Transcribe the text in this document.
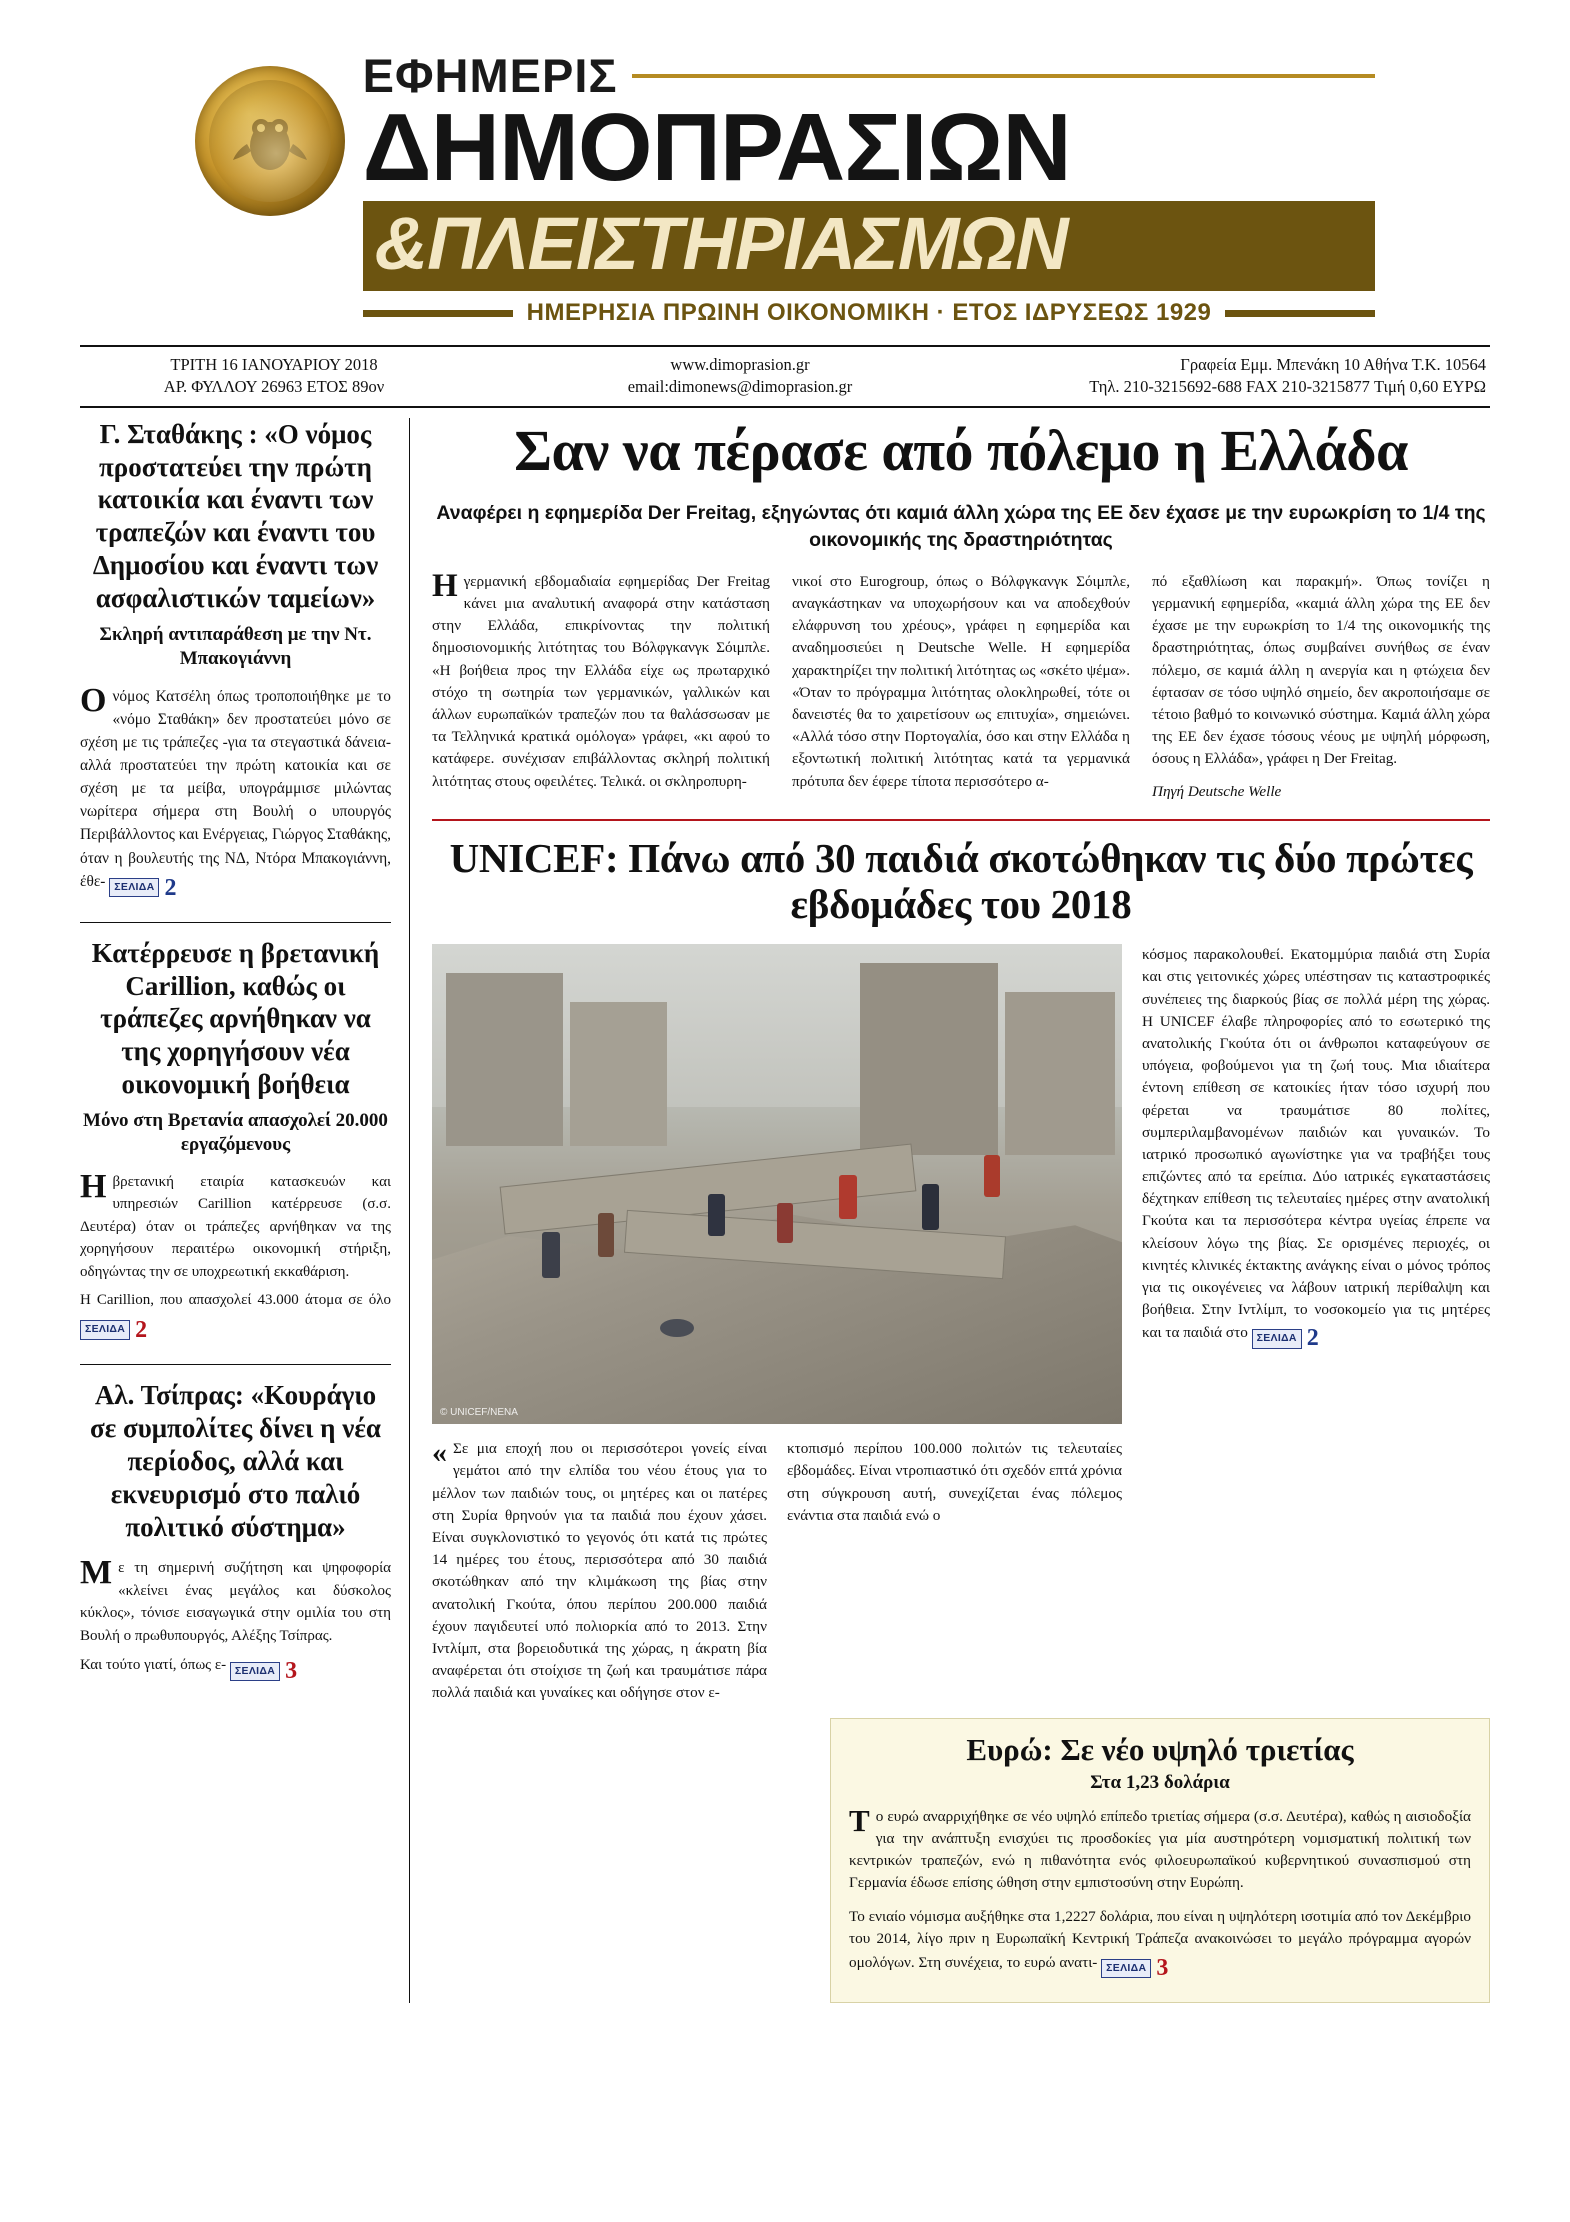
ΕΦΗΜΕΡΙΣ
ΔΗΜΟΠΡΑΣΙΩΝ
&ΠΛΕΙΣΤΗΡΙΑΣΜΩΝ
ΗΜΕΡΗΣΙΑ ΠΡΩΙΝΗ ΟΙΚΟΝΟΜΙΚΗ · ΕΤΟΣ ΙΔΡΥΣΕΩΣ 1929
ΤΡΙΤΗ 16 ΙΑΝΟΥΑΡΙΟΥ 2018
ΑΡ. ΦΥΛΛΟΥ 26963 ΕΤΟΣ 89ον
www.dimoprasion.gr
email:dimonews@dimoprasion.gr
Γραφεία Εμμ. Μπενάκη 10 Αθήνα Τ.Κ. 10564
Τηλ. 210-3215692-688 FAX 210-3215877 Τιμή 0,60 ΕΥΡΩ
Γ. Σταθάκης : «Ο νόμος προστατεύει την πρώτη κατοικία και έναντι των τραπεζών και έναντι του Δημοσίου και έναντι των ασφαλιστικών ταμείων»
Σκληρή αντιπαράθεση με την Ντ. Μπακογιάννη
Ο νόμος Κατσέλη όπως τροποποιήθηκε με το «νόμο Σταθάκη» δεν προστατεύει μόνο σε σχέση με τις τράπεζες -για τα στεγαστικά δάνεια- αλλά προστατεύει την πρώτη κατοικία και σε σχέση με τα μείβα, υπογράμμισε μιλώντας νωρίτερα σήμερα στη Βουλή ο υπουργός Περιβάλλοντος και Ενέργειας, Γιώργος Σταθάκης, όταν η βουλευτής της ΝΔ, Ντόρα Μπακογιάννη, έθε- ΣΕΛΙΔΑ 2
Κατέρρευσε η βρετανική Carillion, καθώς οι τράπεζες αρνήθηκαν να της χορηγήσουν νέα οικονομική βοήθεια
Μόνο στη Βρετανία απασχολεί 20.000 εργαζόμενους
Η βρετανική εταιρία κατασκευών και υπηρεσιών Carillion κατέρρευσε (σ.σ. Δευτέρα) όταν οι τράπεζες αρνήθηκαν να της χορηγήσουν περαιτέρω οικονομική στήριξη, οδηγώντας την σε υποχρεωτική εκκαθάριση.
Η Carillion, που απασχολεί 43.000 άτομα σε όλο
ΣΕΛΙΔΑ 2
Αλ. Τσίπρας: «Κουράγιο σε συμπολίτες δίνει η νέα περίοδος, αλλά και εκνευρισμό στο παλιό πολιτικό σύστημα»
Με τη σημερινή συζήτηση και ψηφοφορία «κλείνει ένας μεγάλος και δύσκολος κύκλος», τόνισε εισαγωγικά στην ομιλία του στη Βουλή ο πρωθυπουργός, Αλέξης Τσίπρας.
Και τούτο γιατί, όπως ε- ΣΕΛΙΔΑ 3
Σαν να πέρασε από πόλεμο η Ελλάδα
Αναφέρει η εφημερίδα Der Freitag, εξηγώντας ότι καμιά άλλη χώρα της ΕΕ δεν έχασε με την ευρωκρίση το 1/4 της οικονομικής της δραστηριότητας
Η γερμανική εβδομαδιαία εφημερίδας Der Freitag κάνει μια αναλυτική αναφορά στην κατάσταση στην Ελλάδα, επικρίνοντας την πολιτική δημοσιονομικής λιτότητας του Βόλφγκανγκ Σόιμπλε. «Η βοήθεια προς την Ελλάδα είχε ως πρωταρχικό στόχο τη σωτηρία των γερμανικών, γαλλικών και άλλων ευρωπαϊκών τραπεζών που τα θαλάσσωσαν με τα Τελληνικά κρατικά ομόλογα» γράφει, «κι αφού το κατάφερε. συνέχισαν επιβάλλοντας σκληρή πολιτική λιτότητας στους οφειλέτες. Τελικά. οι σκληροπυρη-
νικοί στο Eurogroup, όπως ο Βόλφγκανγκ Σόιμπλε, αναγκάστηκαν να υποχωρήσουν και να αποδεχθούν ελάφρυνση του χρέους», γράφει η εφημερίδα και αναδημοσιεύει η Deutsche Welle. Η εφημερίδα χαρακτηρίζει την πολιτική λιτότητας ως «σκέτο ψέμα». «Όταν το πρόγραμμα λιτότητας ολοκληρωθεί, τότε οι δανειστές θα το χαιρετίσουν ως επιτυχία», σημειώνει. «Αλλά τόσο στην Πορτογαλία, όσο και στην Ελλάδα η εξοντωτική πολιτική λιτότητας κατά τα γερμανικά πρότυπα δεν έφερε τίποτα περισσότερο α-
πό εξαθλίωση και παρακμή». Όπως τονίζει η γερμανική εφημερίδα, «καμιά άλλη χώρα της ΕΕ δεν έχασε με την ευρωκρίση το 1/4 της οικονομικής της δραστηριότητας, όπως συμβαίνει συνήθως σε έναν πόλεμο, σε καμιά άλλη η ανεργία και η φτώχεια δεν έφτασαν σε τόσο υψηλό σημείο, δεν ακροποιήσαμε σε τέτοιο βαθμό το κοινωνικό σύστημα. Καμιά άλλη χώρα της ΕΕ δεν έχασε τόσους νέους με υψηλή μόρφωση, όσους η Ελλάδα», γράφει η Der Freitag.
Πηγή Deutsche Welle
UNICEF: Πάνω από 30 παιδιά σκοτώθηκαν τις δύο πρώτες εβδομάδες του 2018
© UNICEF/ΝΕΝΑ
κόσμος παρακολουθεί. Εκατομμύρια παιδιά στη Συρία και στις γειτονικές χώρες υπέστησαν τις καταστροφικές συνέπειες της διαρκούς βίας σε πολλά μέρη της χώρας. Η UNICEF έλαβε πληροφορίες από το εσωτερικό της ανατολικής Γκούτα ότι οι άνθρωποι καταφεύγουν σε υπόγεια, φοβούμενοι για τη ζωή τους. Μια ιδιαίτερα έντονη επίθεση σε κατοικίες ήταν τόσο ισχυρή που φέρεται να τραυμάτισε 80 πολίτες, συμπεριλαμβανομένων παιδιών και γυναικών. Το ιατρικό προσωπικό αγωνίστηκε για να τραβήξει τους επιζώντες από τα ερείπια. Δύο ιατρικές εγκαταστάσεις δέχτηκαν επίθεση τις τελευταίες ημέρες στην ανατολική Γκούτα και τα περισσότερα κέντρα υγείας έπρεπε να κλείσουν λόγω της βίας. Σε ορισμένες περιοχές, οι κινητές κλινικές έκτακτης ανάγκης είναι ο μόνος τρόπος για τις οικογένειες να λάβουν ιατρική περίθαλψη και βοήθεια. Στην Ιντλίμπ, το νοσοκομείο για τις μητέρες και τα παιδιά στο ΣΕΛΙΔΑ 2
« Σε μια εποχή που οι περισσότεροι γονείς είναι γεμάτοι από την ελπίδα του νέου έτους για το μέλλον των παιδιών τους, οι μητέρες και οι πατέρες στη Συρία θρηνούν για τα παιδιά που έχουν χάσει. Είναι συγκλονιστικό το γεγονός ότι κατά τις πρώτες 14 ημέρες του έτους, περισσότερα από 30 παιδιά σκοτώθηκαν από την κλιμάκωση της βίας στην ανατολική Γκούτα, όπου περίπου 200.000 παιδιά έχουν παγιδευτεί υπό πολιορκία από το 2013. Στην Ιντλίμπ, στα βορειοδυτικά της χώρας, η άκρατη βία αναφέρεται ότι στοίχισε τη ζωή και τραυμάτισε πάρα πολλά παιδιά και γυναίκες και οδήγησε στον ε-
κτοπισμό περίπου 100.000 πολιτών τις τελευταίες εβδομάδες. Είναι ντροπιαστικό ότι σχεδόν επτά χρόνια στη σύγκρουση αυτή, συνεχίζεται ένας πόλεμος ενάντια στα παιδιά ενώ ο
Ευρώ: Σε νέο υψηλό τριετίας
Στα 1,23 δολάρια
Το ευρώ αναρριχήθηκε σε νέο υψηλό επίπεδο τριετίας σήμερα (σ.σ. Δευτέρα), καθώς η αισιοδοξία για την ανάπτυξη ενισχύει τις προσδοκίες για μία αυστηρότερη νομισματική πολιτική των κεντρικών τραπεζών, ενώ η πιθανότητα ενός φιλοευρωπαϊκού κυβερνητικού συνασπισμού στη Γερμανία έδωσε επίσης ώθηση στην εμπιστοσύνη στην Ευρώπη.
Το ενιαίο νόμισμα αυξήθηκε στα 1,2227 δολάρια, που είναι η υψηλότερη ισοτιμία από τον Δεκέμβριο του 2014, λίγο πριν η Ευρωπαϊκή Κεντρική Τράπεζα ανακοινώσει το μεγάλο πρόγραμμα αγορών ομολόγων. Στη συνέχεια, το ευρώ ανατι- ΣΕΛΙΔΑ 3
